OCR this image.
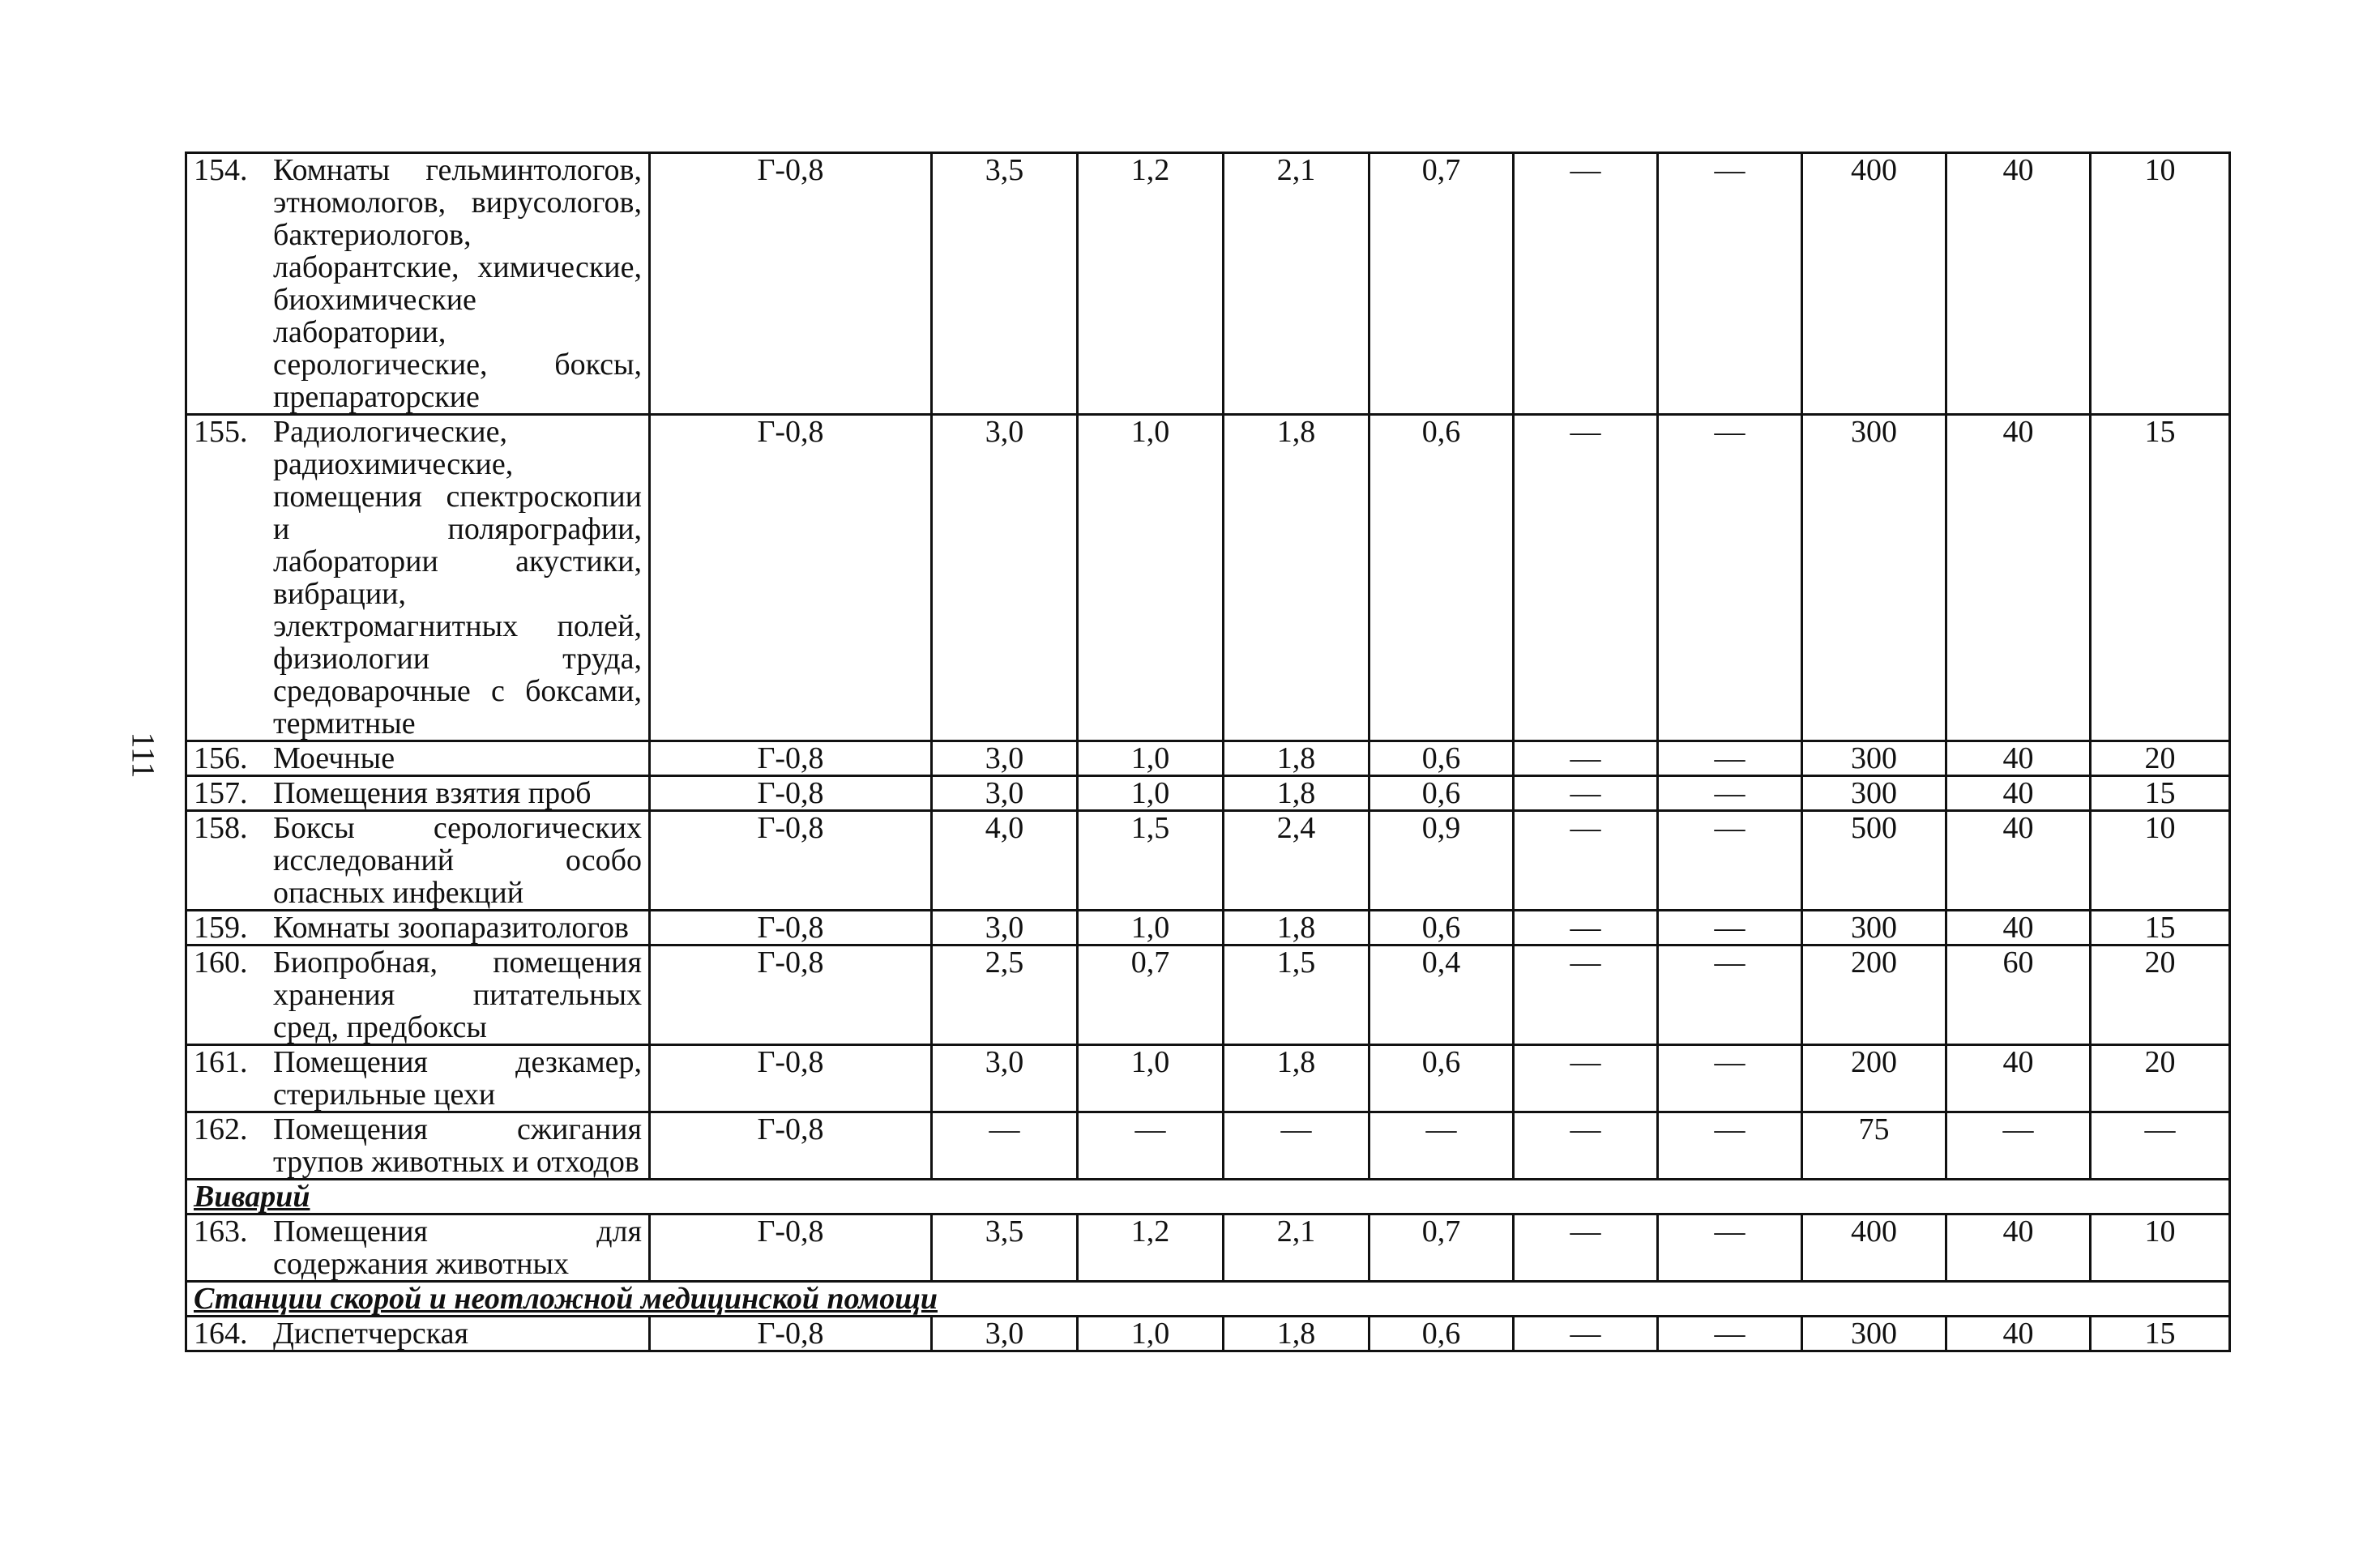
111
154. Комнаты гельминтологов, этномологов, вирусологов, бактериологов, лаборантские, химические, биохимические лаборатории, серологические, боксы, препараторские	Г-0,8	3,5	1,2	2,1	0,7	—	—	400	40	10

155. Радиологические, радиохимические, помещения спектроскопии и полярографии, лаборатории акустики, вибрации, электромагнитных полей, физиологии труда, средоварочные с боксами, термитные	Г-0,8	3,0	1,0	1,8	0,6	—	—	300	40	15

156. Моечные	Г-0,8	3,0	1,0	1,8	0,6	—	—	300	40	20

157. Помещения взятия проб	Г-0,8	3,0	1,0	1,8	0,6	—	—	300	40	15

158. Боксы серологических исследований особо опасных инфекций	Г-0,8	4,0	1,5	2,4	0,9	—	—	500	40	10

159. Комнаты зоопаразитологов	Г-0,8	3,0	1,0	1,8	0,6	—	—	300	40	15

160. Биопробная, помещения хранения питательных сред, предбоксы	Г-0,8	2,5	0,7	1,5	0,4	—	—	200	60	20

161. Помещения дезкамер, стерильные цехи	Г-0,8	3,0	1,0	1,8	0,6	—	—	200	40	20

162. Помещения сжигания трупов животных и отходов	Г-0,8	—	—	—	—	—	—	75	—	—
Виварий										

163. Помещения для содержания животных	Г-0,8	3,5	1,2	2,1	0,7	—	—	400	40	10
Станции скорой и неотложной медицинской помощи										

164. Диспетчерская	Г-0,8	3,0	1,0	1,8	0,6	—	—	300	40	15
